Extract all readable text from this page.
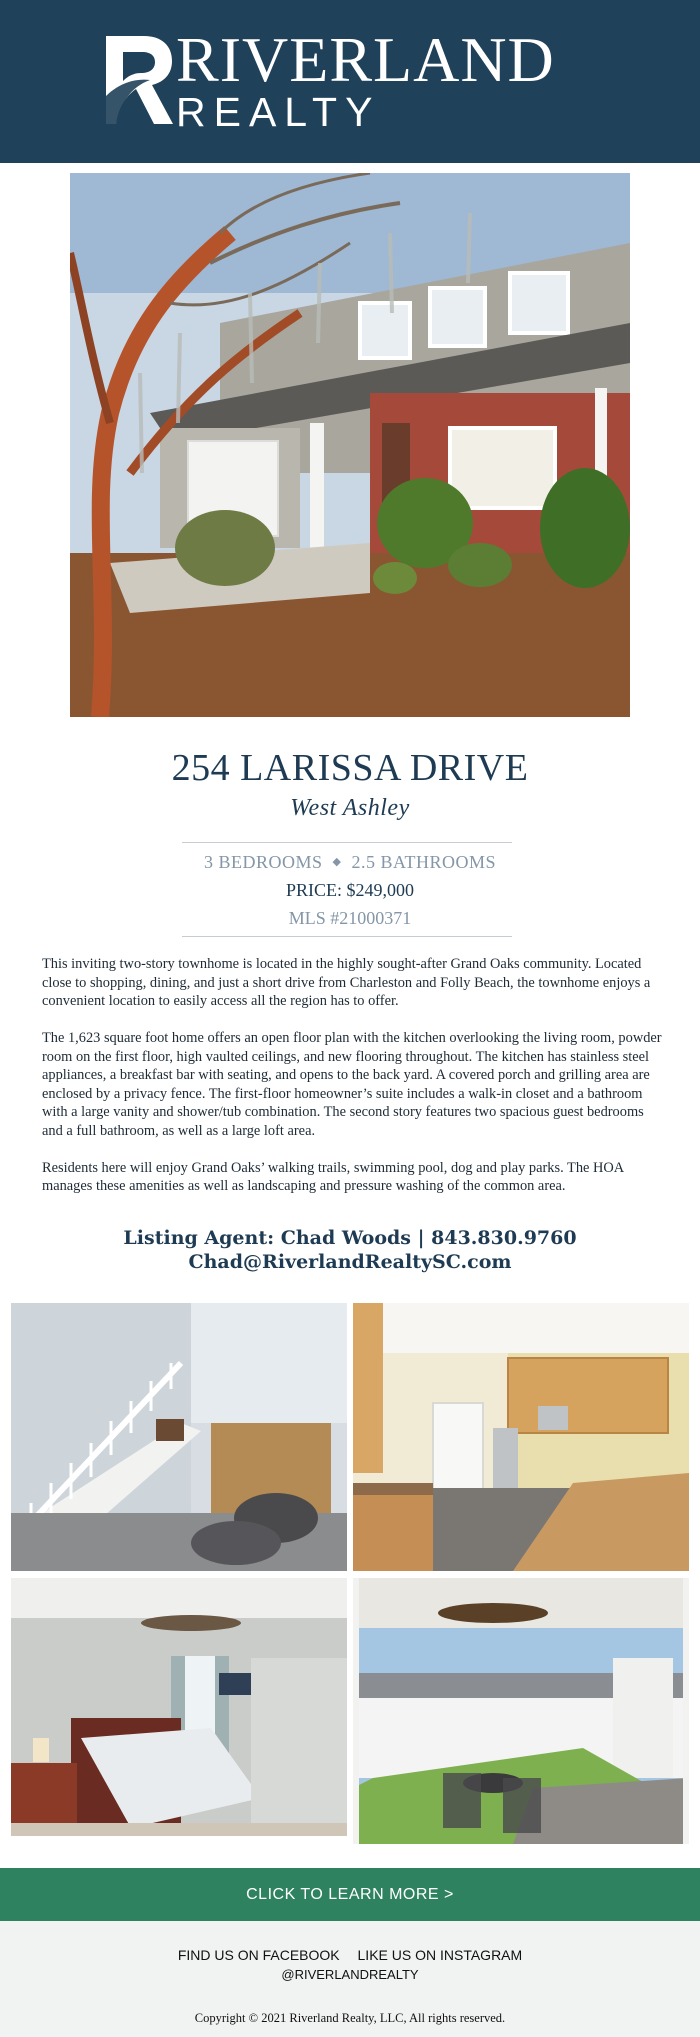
RIVERLAND
REALTY
254 LARISSA DRIVE
West Ashley
3 BEDROOMS ◆ 2.5 BATHROOMS
PRICE: $249,000
MLS #21000371

This inviting two-story townhome is located in the highly sought-after Grand Oaks community. Located close to shopping, dining, and just a short drive from Charleston and Folly Beach, the townhome enjoys a convenient location to easily access all the region has to offer.

The 1,623 square foot home offers an open floor plan with the kitchen overlooking the living room, powder room on the first floor, high vaulted ceilings, and new flooring throughout. The kitchen has stainless steel appliances, a breakfast bar with seating, and opens to the back yard. A covered porch and grilling area are enclosed by a privacy fence. The first-floor homeowner’s suite includes a walk-in closet and a bathroom with a large vanity and shower/tub combination. The second story features two spacious guest bedrooms and a full bathroom, as well as a large loft area.

Residents here will enjoy Grand Oaks’ walking trails, swimming pool, dog and play parks. The HOA manages these amenities as well as landscaping and pressure washing of the common area.

Listing Agent: Chad Woods | 843.830.9760
Chad@RiverlandRealtySC.com
CLICK TO LEARN MORE >
FIND US ON FACEBOOK LIKE US ON INSTAGRAM
@RIVERLANDREALTY
Copyright © 2021 Riverland Realty, LLC, All rights reserved.
